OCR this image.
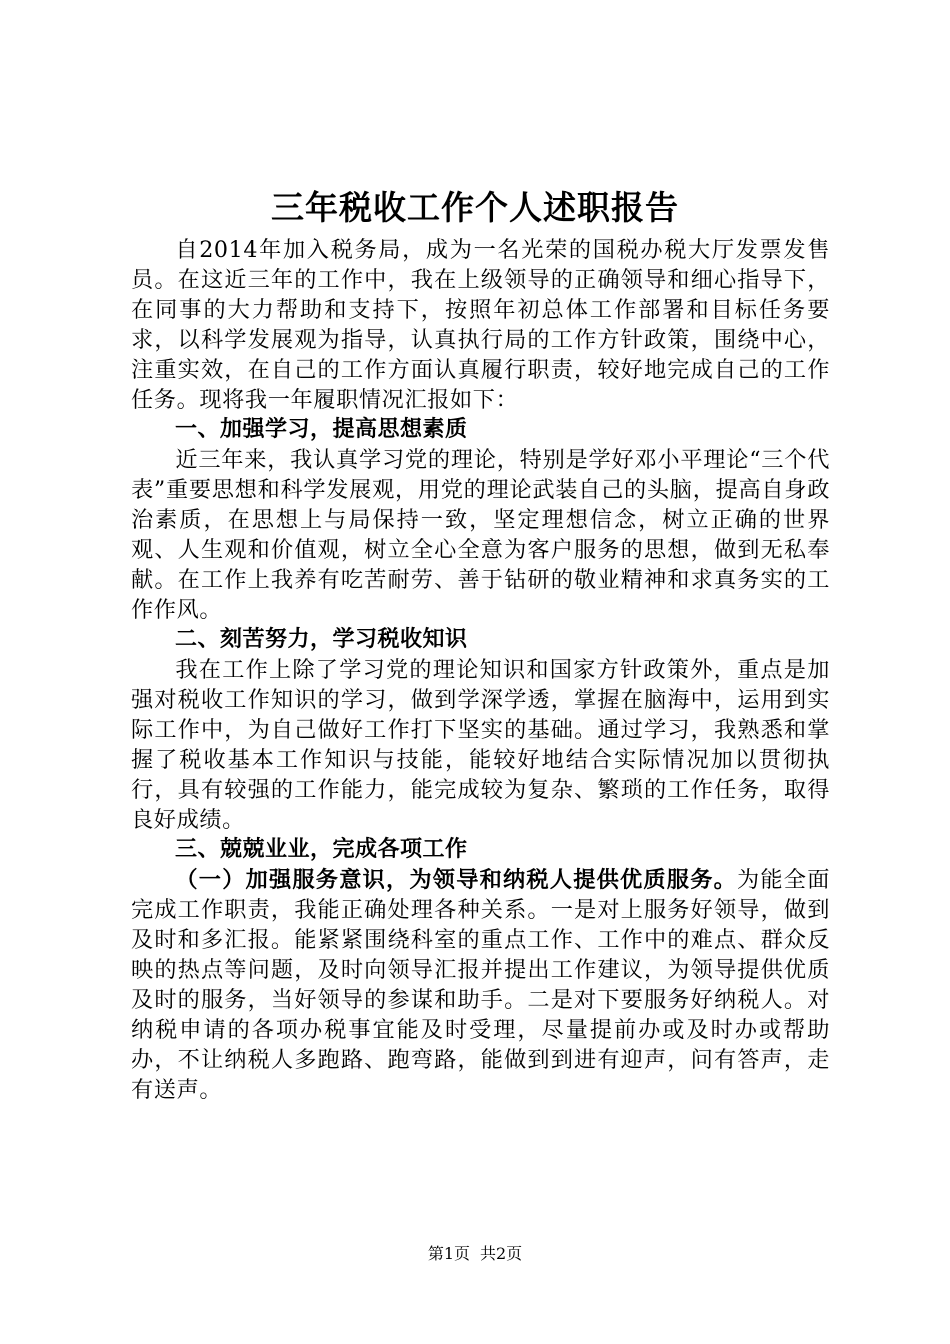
三年税收工作个人述职报告

自2014年加入税务局，成为一名光荣的国税办税大厅发票发售员。在这近三年的工作中，我在上级领导的正确领导和细心指导下，在同事的大力帮助和支持下，按照年初总体工作部署和目标任务要求，以科学发展观为指导，认真执行局的工作方针政策，围绕中心，注重实效，在自己的工作方面认真履行职责，较好地完成自己的工作任务。现将我一年履职情况汇报如下：

一、加强学习，提高思想素质

近三年来，我认真学习党的理论，特别是学好邓小平理论“三个代表”重要思想和科学发展观，用党的理论武装自己的头脑，提高自身政治素质，在思想上与局保持一致，坚定理想信念，树立正确的世界观、人生观和价值观，树立全心全意为客户服务的思想，做到无私奉献。在工作上我养有吃苦耐劳、善于钻研的敬业精神和求真务实的工作作风。

二、刻苦努力，学习税收知识

我在工作上除了学习党的理论知识和国家方针政策外，重点是加强对税收工作知识的学习，做到学深学透，掌握在脑海中，运用到实际工作中，为自己做好工作打下坚实的基础。通过学习，我熟悉和掌握了税收基本工作知识与技能，能较好地结合实际情况加以贯彻执行，具有较强的工作能力，能完成较为复杂、繁琐的工作任务，取得良好成绩。

三、兢兢业业，完成各项工作

（一）加强服务意识，为领导和纳税人提供优质服务。为能全面完成工作职责，我能正确处理各种关系。一是对上服务好领导，做到及时和多汇报。能紧紧围绕科室的重点工作、工作中的难点、群众反映的热点等问题，及时向领导汇报并提出工作建议，为领导提供优质及时的服务，当好领导的参谋和助手。二是对下要服务好纳税人。对纳税申请的各项办税事宜能及时受理，尽量提前办或及时办或帮助办，不让纳税人多跑路、跑弯路，能做到到进有迎声，问有答声，走有送声。

第1页 共2页
